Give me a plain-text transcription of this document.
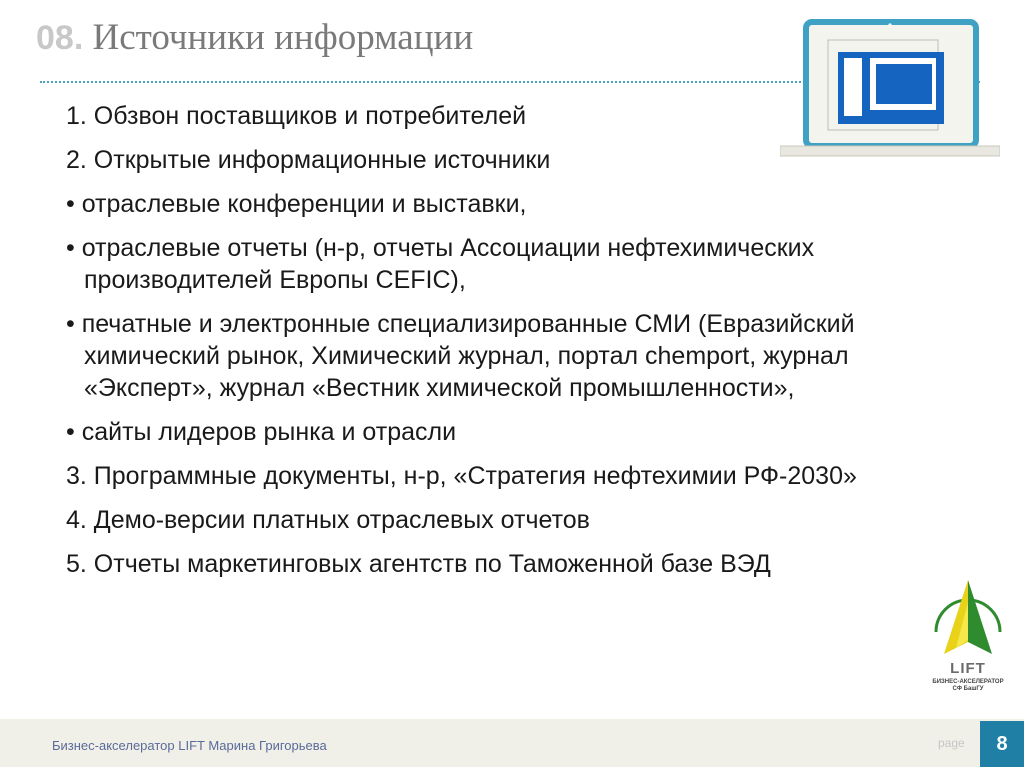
08. Источники информации
1. Обзвон поставщиков и потребителей
2. Открытые информационные источники
• отраслевые конференции и выставки,
• отраслевые отчеты (н-р, отчеты Ассоциации нефтехимических производителей Европы CEFIC),
• печатные и электронные специализированные СМИ (Евразийский химический рынок, Химический журнал, портал chemport, журнал «Эксперт», журнал «Вестник химической промышленности»,
• сайты лидеров рынка и отрасли
3. Программные документы, н-р, «Стратегия нефтехимии РФ-2030»
4. Демо-версии платных отраслевых отчетов
5. Отчеты маркетинговых агентств по Таможенной базе ВЭД
LIFT
БИЗНЕС-АКСЕЛЕРАТОР
СФ БашГУ
Бизнес-акселератор LIFT Марина Григорьева	page 8
